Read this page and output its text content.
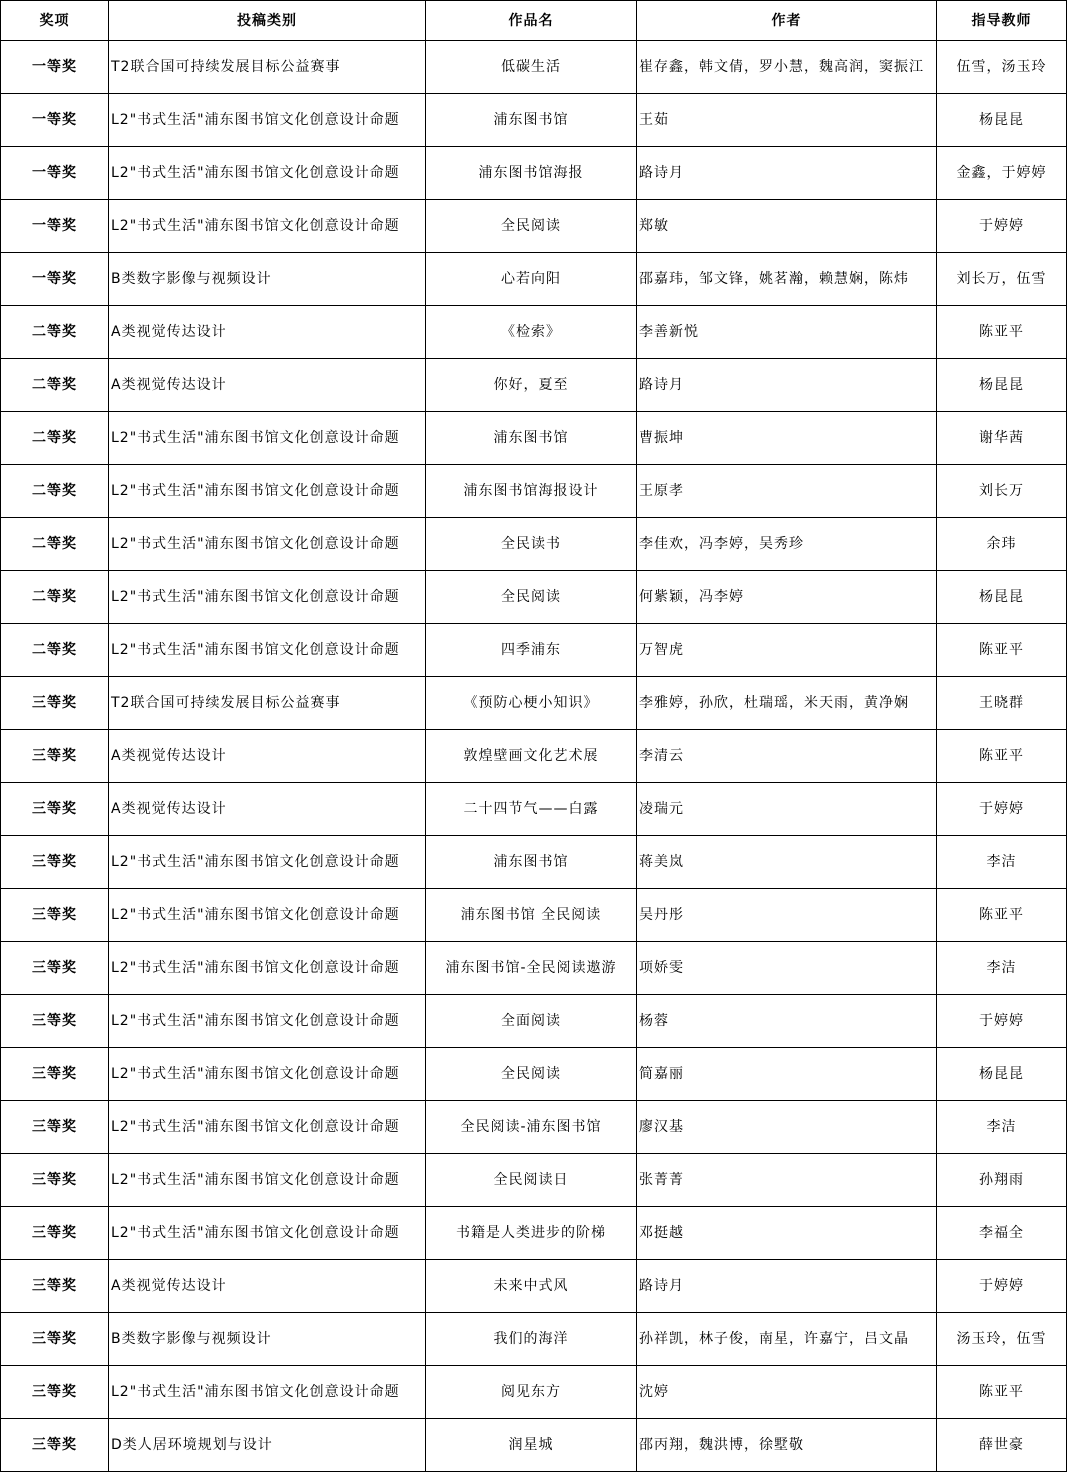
奖项	投稿类别	作品名	作者	指导教师
一等奖	T2联合国可持续发展目标公益赛事	低碳生活	崔存鑫，韩文倩，罗小慧，魏高润，窦振江	伍雪，汤玉玲
一等奖	L2"书式生活"浦东图书馆文化创意设计命题	浦东图书馆	王茹	杨昆昆
一等奖	L2"书式生活"浦东图书馆文化创意设计命题	浦东图书馆海报	路诗月	金鑫，于婷婷
一等奖	L2"书式生活"浦东图书馆文化创意设计命题	全民阅读	郑敏	于婷婷
一等奖	B类数字影像与视频设计	心若向阳	邵嘉玮，邹文锋，姚茗瀚，赖慧娴，陈炜	刘长万，伍雪
二等奖	A类视觉传达设计	《检索》	李善新悦	陈亚平
二等奖	A类视觉传达设计	你好，夏至	路诗月	杨昆昆
二等奖	L2"书式生活"浦东图书馆文化创意设计命题	浦东图书馆	曹振坤	谢华茜
二等奖	L2"书式生活"浦东图书馆文化创意设计命题	浦东图书馆海报设计	王原孝	刘长万
二等奖	L2"书式生活"浦东图书馆文化创意设计命题	全民读书	李佳欢，冯李婷，吴秀珍	余玮
二等奖	L2"书式生活"浦东图书馆文化创意设计命题	全民阅读	何紫颖，冯李婷	杨昆昆
二等奖	L2"书式生活"浦东图书馆文化创意设计命题	四季浦东	万智虎	陈亚平
三等奖	T2联合国可持续发展目标公益赛事	《预防心梗小知识》	李雅婷，孙欣，杜瑞瑶，米天雨，黄净娴	王晓群
三等奖	A类视觉传达设计	敦煌壁画文化艺术展	李清云	陈亚平
三等奖	A类视觉传达设计	二十四节气——白露	凌瑞元	于婷婷
三等奖	L2"书式生活"浦东图书馆文化创意设计命题	浦东图书馆	蒋美岚	李洁
三等奖	L2"书式生活"浦东图书馆文化创意设计命题	浦东图书馆 全民阅读	吴丹彤	陈亚平
三等奖	L2"书式生活"浦东图书馆文化创意设计命题	浦东图书馆-全民阅读遨游	项娇雯	李洁
三等奖	L2"书式生活"浦东图书馆文化创意设计命题	全面阅读	杨蓉	于婷婷
三等奖	L2"书式生活"浦东图书馆文化创意设计命题	全民阅读	简嘉丽	杨昆昆
三等奖	L2"书式生活"浦东图书馆文化创意设计命题	全民阅读-浦东图书馆	廖汉基	李洁
三等奖	L2"书式生活"浦东图书馆文化创意设计命题	全民阅读日	张菁菁	孙翔雨
三等奖	L2"书式生活"浦东图书馆文化创意设计命题	书籍是人类进步的阶梯	邓挺越	李福全
三等奖	A类视觉传达设计	未来中式风	路诗月	于婷婷
三等奖	B类数字影像与视频设计	我们的海洋	孙祥凯，林子俊，南星，许嘉宁，吕文晶	汤玉玲，伍雪
三等奖	L2"书式生活"浦东图书馆文化创意设计命题	阅见东方	沈婷	陈亚平
三等奖	D类人居环境规划与设计	润星城	邵丙翔，魏洪博，徐墅敬	薛世豪
